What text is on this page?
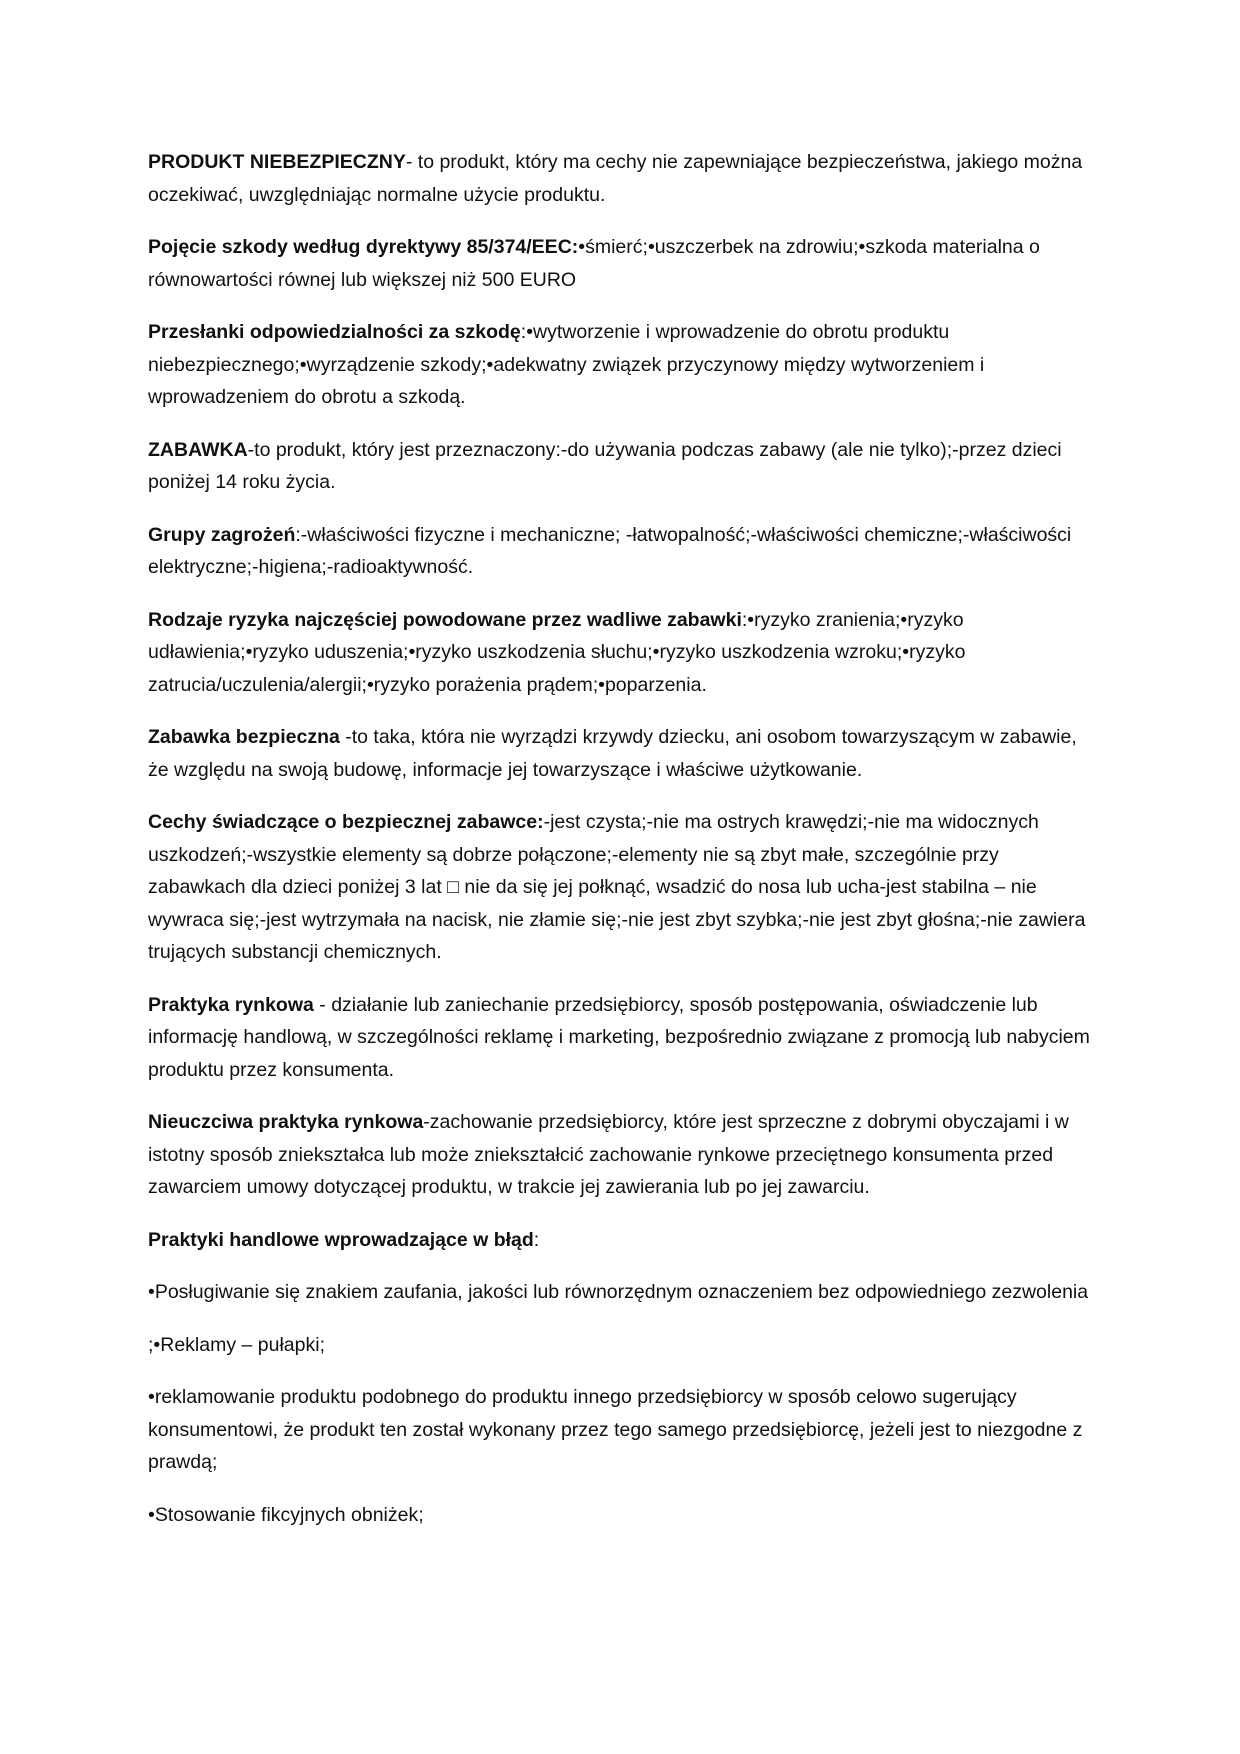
PRODUKT NIEBEZPIECZNY- to produkt, który ma cechy nie zapewniające bezpieczeństwa, jakiego można oczekiwać, uwzględniając normalne użycie produktu.

Pojęcie szkody według dyrektywy 85/374/EEC:•śmierć;•uszczerbek na zdrowiu;•szkoda materialna o równowartości równej lub większej niż 500 EURO

Przesłanki odpowiedzialności za szkodę:•wytworzenie i wprowadzenie do obrotu produktu niebezpiecznego;•wyrządzenie szkody;•adekwatny związek przyczynowy między wytworzeniem i wprowadzeniem do obrotu a szkodą.

ZABAWKA-to produkt, który jest przeznaczony:-do używania podczas zabawy (ale nie tylko);-przez dzieci poniżej 14 roku życia.

Grupy zagrożeń:-właściwości fizyczne i mechaniczne; -łatwopalność;-właściwości chemiczne;-właściwości elektryczne;-higiena;-radioaktywność.

Rodzaje ryzyka najczęściej powodowane przez wadliwe zabawki:•ryzyko zranienia;•ryzyko udławienia;•ryzyko uduszenia;•ryzyko uszkodzenia słuchu;•ryzyko uszkodzenia wzroku;•ryzyko zatrucia/uczulenia/alergii;•ryzyko porażenia prądem;•poparzenia.

Zabawka bezpieczna -to taka, która nie wyrządzi krzywdy dziecku, ani osobom towarzyszącym w zabawie, że względu na swoją budowę, informacje jej towarzyszące i właściwe użytkowanie.

Cechy świadczące o bezpiecznej zabawce:-jest czysta;-nie ma ostrych krawędzi;-nie ma widocznych uszkodzeń;-wszystkie elementy są dobrze połączone;-elementy nie są zbyt małe, szczególnie przy zabawkach dla dzieci poniżej 3 lat □ nie da się jej połknąć, wsadzić do nosa lub ucha-jest stabilna – nie wywraca się;-jest wytrzymała na nacisk, nie złamie się;-nie jest zbyt szybka;-nie jest zbyt głośna;-nie zawiera trujących substancji chemicznych.

Praktyka rynkowa - działanie lub zaniechanie przedsiębiorcy, sposób postępowania, oświadczenie lub informację handlową, w szczególności reklamę i marketing, bezpośrednio związane z promocją lub nabyciem produktu przez konsumenta.

Nieuczciwa praktyka rynkowa-zachowanie przedsiębiorcy, które jest sprzeczne z dobrymi obyczajami i w istotny sposób zniekształca lub może zniekształcić zachowanie rynkowe przeciętnego konsumenta przed zawarciem umowy dotyczącej produktu, w trakcie jej zawierania lub po jej zawarciu.

Praktyki handlowe wprowadzające w błąd:

•Posługiwanie się znakiem zaufania, jakości lub równorzędnym oznaczeniem bez odpowiedniego zezwolenia

;•Reklamy – pułapki;

•reklamowanie produktu podobnego do produktu innego przedsiębiorcy w sposób celowo sugerujący konsumentowi, że produkt ten został wykonany przez tego samego przedsiębiorcę, jeżeli jest to niezgodne z prawdą;

•Stosowanie fikcyjnych obniżek;
